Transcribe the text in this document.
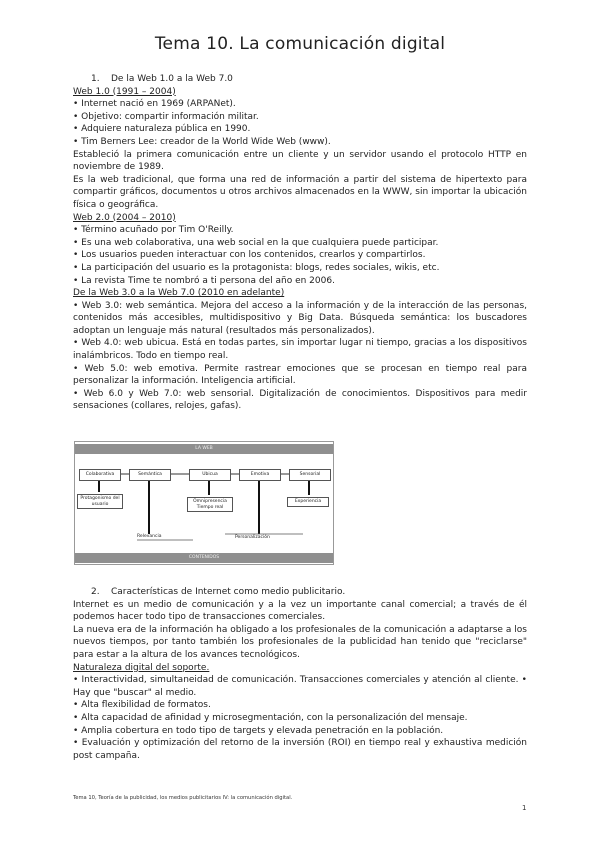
Tema 10. La comunicación digital

1. De la Web 1.0 a la Web 7.0

Web 1.0 (1991 – 2004)

• Internet nació en 1969 (ARPANet).

• Objetivo: compartir información militar.

• Adquiere naturaleza pública en 1990.

• Tim Berners Lee: creador de la World Wide Web (www).

Estableció la primera comunicación entre un cliente y un servidor usando el protocolo HTTP en noviembre de 1989.

Es la web tradicional, que forma una red de información a partir del sistema de hipertexto para compartir gráficos, documentos u otros archivos almacenados en la WWW, sin importar la ubicación física o geográfica.

Web 2.0 (2004 – 2010)

• Término acuñado por Tim O'Reilly.

• Es una web colaborativa, una web social en la que cualquiera puede participar.

• Los usuarios pueden interactuar con los contenidos, crearlos y compartirlos.

• La participación del usuario es la protagonista: blogs, redes sociales, wikis, etc.

• La revista Time te nombró a ti persona del año en 2006.

De la Web 3.0 a la Web 7.0 (2010 en adelante)

• Web 3.0: web semántica. Mejora del acceso a la información y de la interacción de las personas, contenidos más accesibles, multidispositivo y Big Data. Búsqueda semántica: los buscadores adoptan un lenguaje más natural (resultados más personalizados).

• Web 4.0: web ubicua. Está en todas partes, sin importar lugar ni tiempo, gracias a los dispositivos inalámbricos. Todo en tiempo real.

• Web 5.0: web emotiva. Permite rastrear emociones que se procesan en tiempo real para personalizar la información. Inteligencia artificial.

• Web 6.0 y Web 7.0: web sensorial. Digitalización de conocimientos. Dispositivos para medir sensaciones (collares, relojes, gafas).

LA WEB
Colaborativa	Semántica	Ubicua	Emotiva	Sensorial
Protagonismo del usuario	Omnipresencia Tiempo real
Experiencia
Relevancia	Personalización
CONTENIDOS

2. Características de Internet como medio publicitario.

Internet es un medio de comunicación y a la vez un importante canal comercial; a través de él podemos hacer todo tipo de transacciones comerciales.

La nueva era de la información ha obligado a los profesionales de la comunicación a adaptarse a los nuevos tiempos, por tanto también los profesionales de la publicidad han tenido que "reciclarse" para estar a la altura de los avances tecnológicos.

Naturaleza digital del soporte.

• Interactividad, simultaneidad de comunicación. Transacciones comerciales y atención al cliente. • Hay que "buscar" al medio.

• Alta flexibilidad de formatos.

• Alta capacidad de afinidad y microsegmentación, con la personalización del mensaje.

• Amplia cobertura en todo tipo de targets y elevada penetración en la población.

• Evaluación y optimización del retorno de la inversión (ROI) en tiempo real y exhaustiva medición post campaña.

Tema 10, Teoría de la publicidad, los medios publicitarios IV: la comunicación digital.
1
